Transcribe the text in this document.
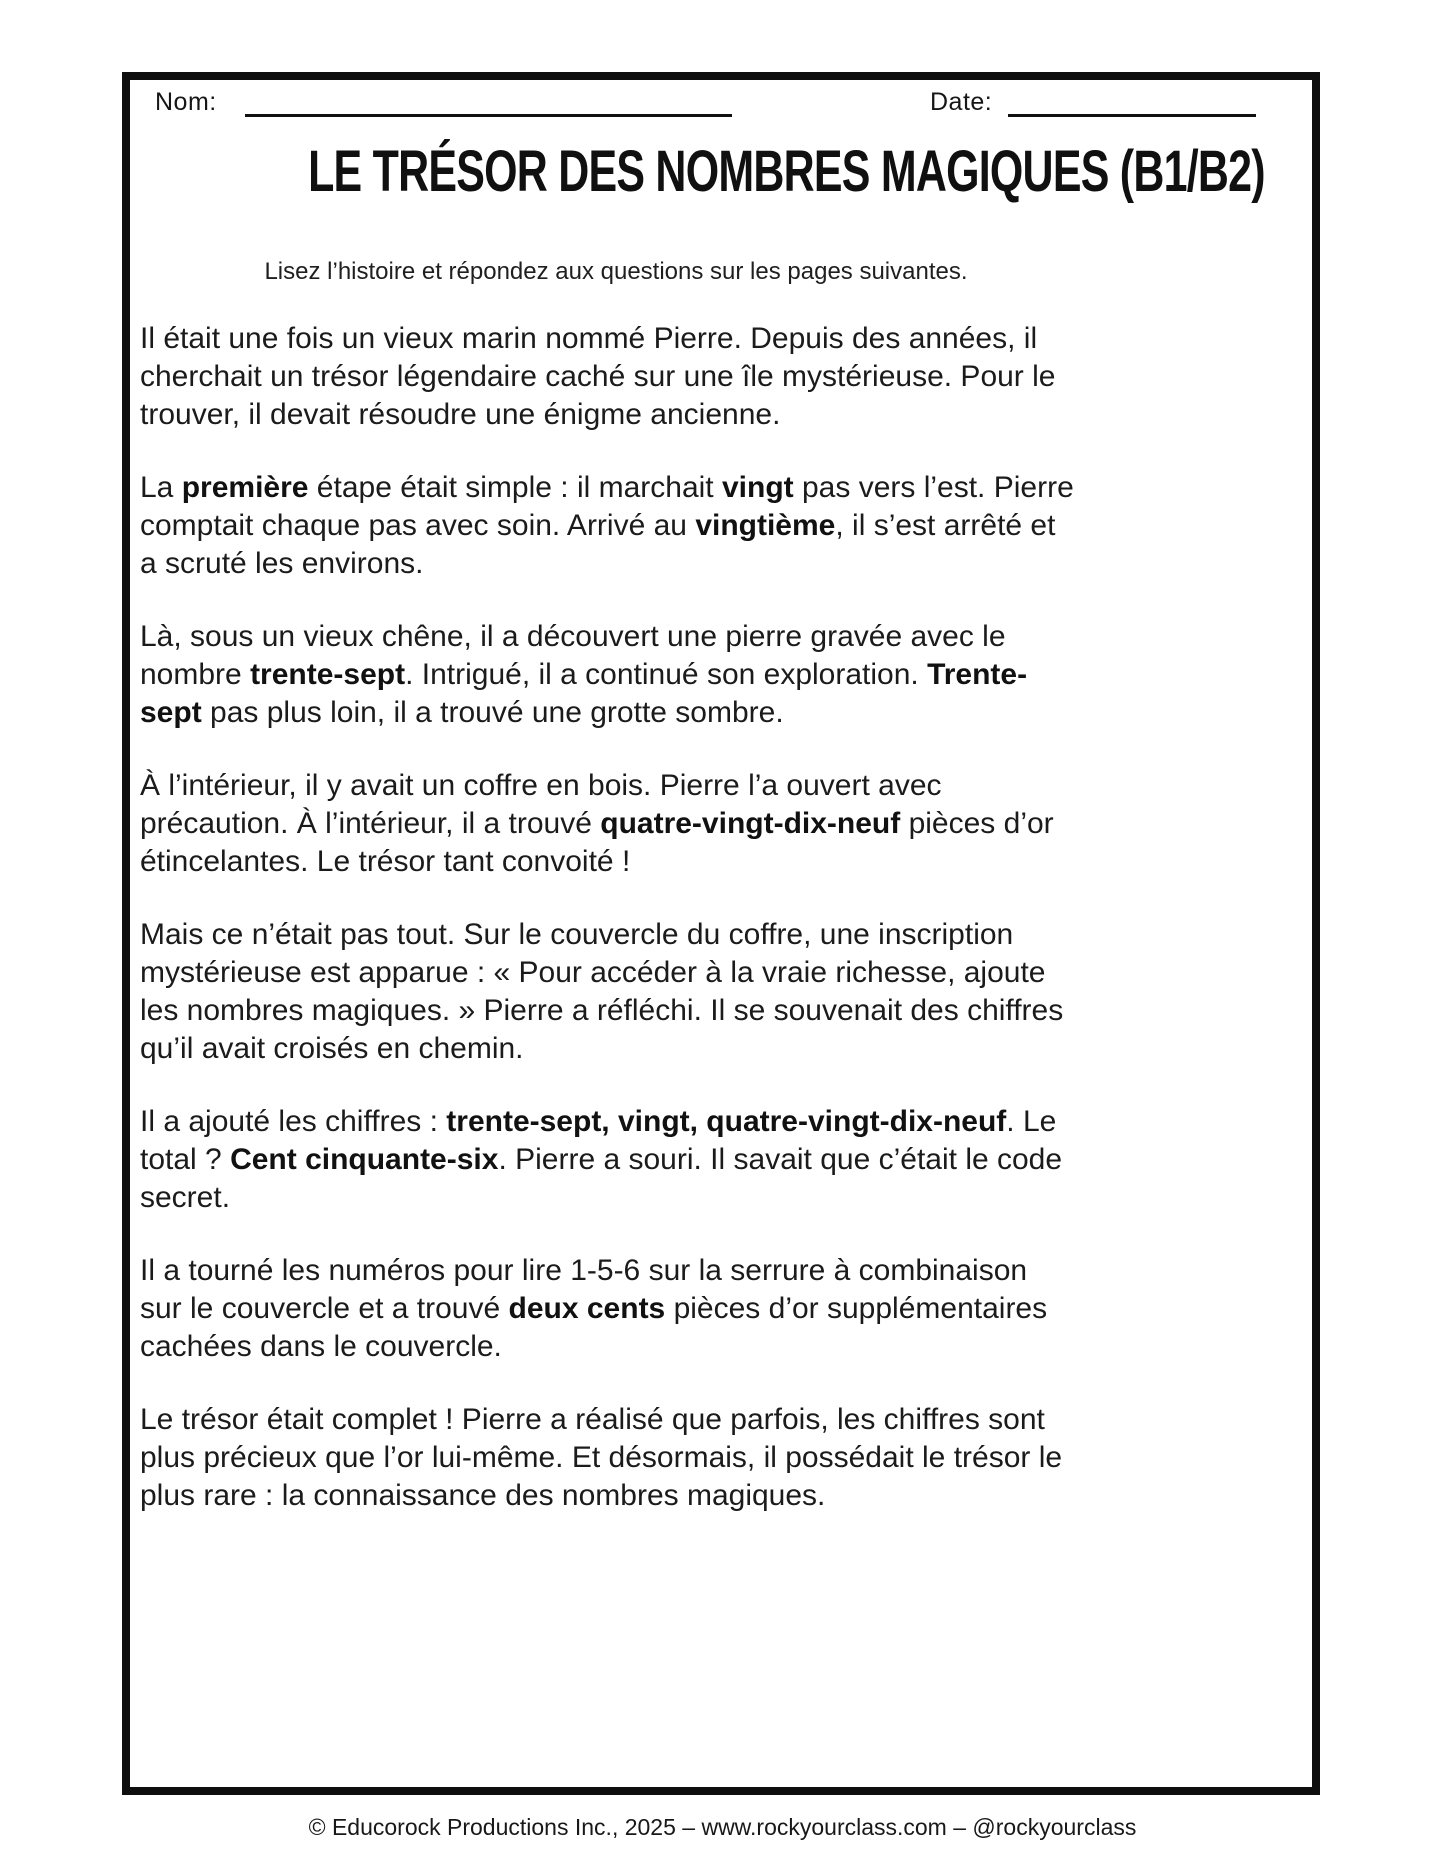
Nom:	Date:
LE TRÉSOR DES NOMBRES MAGIQUES (B1/B2)
Lisez l’histoire et répondez aux questions sur les pages suivantes.

Il était une fois un vieux marin nommé Pierre. Depuis des années, il cherchait un trésor légendaire caché sur une île mystérieuse. Pour le trouver, il devait résoudre une énigme ancienne.

La première étape était simple : il marchait vingt pas vers l’est. Pierre comptait chaque pas avec soin. Arrivé au vingtième, il s’est arrêté et a scruté les environs.

Là, sous un vieux chêne, il a découvert une pierre gravée avec le nombre trente-sept. Intrigué, il a continué son exploration. Trente-sept pas plus loin, il a trouvé une grotte sombre.

À l’intérieur, il y avait un coffre en bois. Pierre l’a ouvert avec précaution. À l’intérieur, il a trouvé quatre-vingt-dix-neuf pièces d’or étincelantes. Le trésor tant convoité !

Mais ce n’était pas tout. Sur le couvercle du coffre, une inscription mystérieuse est apparue : « Pour accéder à la vraie richesse, ajoute les nombres magiques. » Pierre a réfléchi. Il se souvenait des chiffres qu’il avait croisés en chemin.

Il a ajouté les chiffres : trente-sept, vingt, quatre-vingt-dix-neuf. Le total ? Cent cinquante-six. Pierre a souri. Il savait que c’était le code secret.

Il a tourné les numéros pour lire 1-5-6 sur la serrure à combinaison sur le couvercle et a trouvé deux cents pièces d’or supplémentaires cachées dans le couvercle.

Le trésor était complet ! Pierre a réalisé que parfois, les chiffres sont plus précieux que l’or lui-même. Et désormais, il possédait le trésor le plus rare : la connaissance des nombres magiques.

© Educorock Productions Inc., 2025 – www.rockyourclass.com – @rockyourclass
